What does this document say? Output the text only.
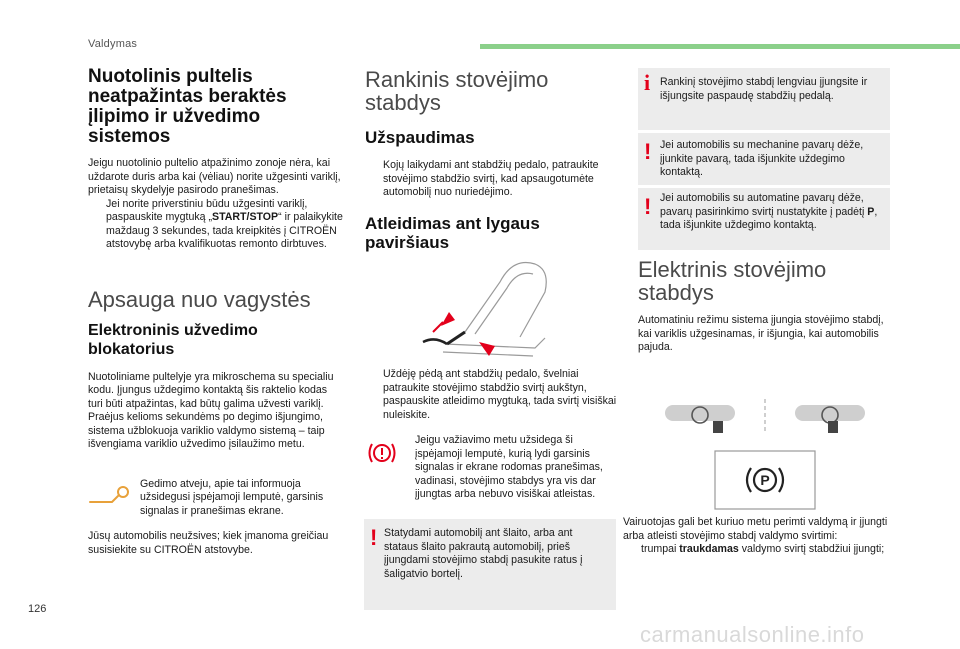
Valdymas
Nuotolinis pultelis neatpažintas beraktės įlipimo ir užvedimo sistemos

Jeigu nuotolinio pultelio atpažinimo zonoje nėra, kai uždarote duris arba kai (vėliau) norite užgesinti variklį, prietaisų skydelyje pasirodo pranešimas.

Jei norite priverstiniu būdu užgesinti variklį, paspauskite mygtuką „START/STOP“ ir palaikykite maždaug 3 sekundes, tada kreipkitės į CITROËN atstovybę arba kvalifikuotas remonto dirbtuves.
Apsauga nuo vagystės
Elektroninis užvedimo blokatorius

Nuotoliniame pultelyje yra mikroschema su specialiu kodu. Įjungus uždegimo kontaktą šis raktelio kodas turi būti atpažintas, kad būtų galima užvesti variklį.

Praėjus kelioms sekundėms po degimo išjungimo, sistema užblokuoja variklio valdymo sistemą – taip išvengiama variklio užvedimo įsilaužimo metu.

Gedimo atveju, apie tai informuoja užsidegusi įspėjamoji lemputė, garsinis signalas ir pranešimas ekrane.

Jūsų automobilis neužsives; kiek įmanoma greičiau susisiekite su CITROËN atstovybe.

Rankinis stovėjimo stabdys
Užspaudimas
Kojų laikydami ant stabdžių pedalo, patraukite stovėjimo stabdžio svirtį, kad apsaugotumėte automobilį nuo nuriedėjimo.
Atleidimas ant lygaus paviršiaus
Uždėję pėdą ant stabdžių pedalo, švelniai patraukite stovėjimo stabdžio svirtį aukštyn, paspauskite atleidimo mygtuką, tada svirtį visiškai nuleiskite.

Jeigu važiavimo metu užsidega ši įspėjamoji lemputė, kurią lydi garsinis signalas ir ekrane rodomas pranešimas, vadinasi, stovėjimo stabdys yra vis dar įjungtas arba nebuvo visiškai atleistas.

! Statydami automobilį ant šlaito, arba ant stataus šlaito pakrautą automobilį, prieš įjungdami stovėjimo stabdį pasukite ratus į šaligatvio bortelį.

i Rankinį stovėjimo stabdį lengviau įjungsite ir išjungsite paspaudę stabdžių pedalą.

! Jei automobilis su mechanine pavarų dėže, įjunkite pavarą, tada išjunkite uždegimo kontaktą.

! Jei automobilis su automatine pavarų dėže, pavarų pasirinkimo svirtį nustatykite į padėtį P, tada išjunkite uždegimo kontaktą.

Elektrinis stovėjimo stabdys

Automatiniu režimu sistema įjungia stovėjimo stabdį, kai variklis užgesinamas, ir išjungia, kai automobilis pajuda.

P

Vairuotojas gali bet kuriuo metu perimti valdymą ir įjungti arba atleisti stovėjimo stabdį valdymo svirtimi:

trumpai traukdamas valdymo svirtį stabdžiui įjungti;
126
carmanualsonline.info
